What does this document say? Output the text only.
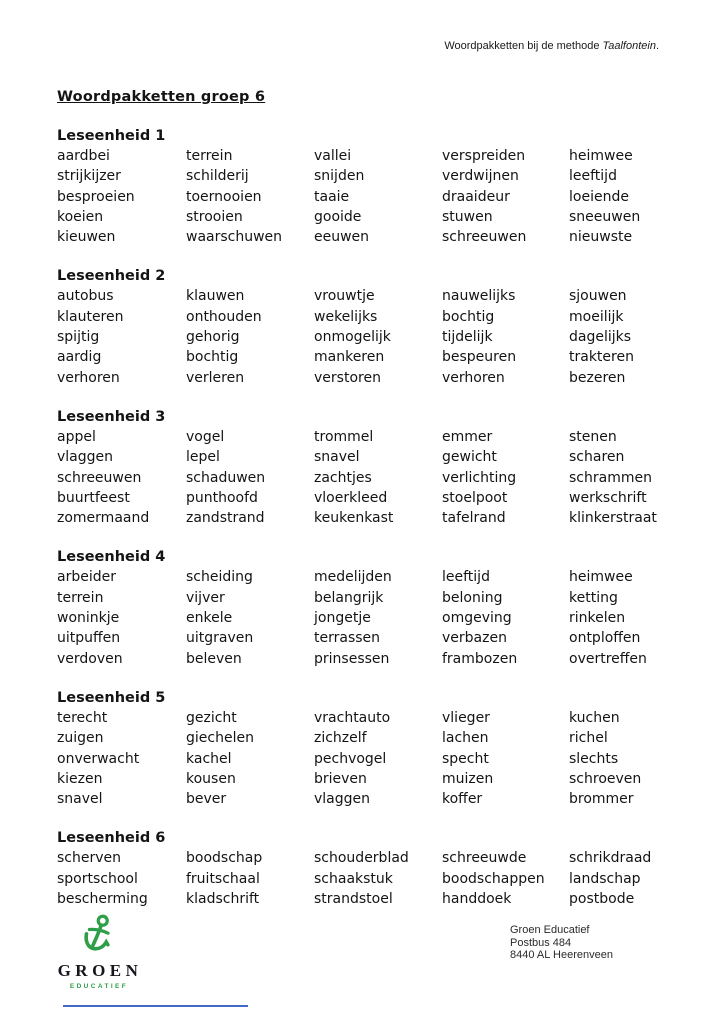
Woordpakketten bij de methode Taalfontein.
Woordpakketten groep 6
Leseenheid 1
aardbei	terrein	vallei	verspreiden	heimwee
strijkijzer	schilderij	snijden	verdwijnen	leeftijd
besproeien	toernooien	taaie	draaideur	loeiende
koeien	strooien	gooide	stuwen	sneeuwen
kieuwen	waarschuwen	eeuwen	schreeuwen	nieuwste
Leseenheid 2
autobus	klauwen	vrouwtje	nauwelijks	sjouwen
klauteren	onthouden	wekelijks	bochtig	moeilijk
spijtig	gehorig	onmogelijk	tijdelijk	dagelijks
aardig	bochtig	mankeren	bespeuren	trakteren
verhoren	verleren	verstoren	verhoren	bezeren
Leseenheid 3
appel	vogel	trommel	emmer	stenen
vlaggen	lepel	snavel	gewicht	scharen
schreeuwen	schaduwen	zachtjes	verlichting	schrammen
buurtfeest	punthoofd	vloerkleed	stoelpoot	werkschrift
zomermaand	zandstrand	keukenkast	tafelrand	klinkerstraat
Leseenheid 4
arbeider	scheiding	medelijden	leeftijd	heimwee
terrein	vijver	belangrijk	beloning	ketting
woninkje	enkele	jongetje	omgeving	rinkelen
uitpuffen	uitgraven	terrassen	verbazen	ontploffen
verdoven	beleven	prinsessen	frambozen	overtreffen
Leseenheid 5
terecht	gezicht	vrachtauto	vlieger	kuchen
zuigen	giechelen	zichzelf	lachen	richel
onverwacht	kachel	pechvogel	specht	slechts
kiezen	kousen	brieven	muizen	schroeven
snavel	bever	vlaggen	koffer	brommer
Leseenheid 6
scherven	boodschap	schouderblad	schreeuwde	schrikdraad
sportschool	fruitschaal	schaakstuk	boodschappen	landschap
bescherming	kladschrift	strandstoel	handdoek	postbode
GROEN
EDUCATIEF
Groen Educatief
Postbus 484
8440 AL Heerenveen
